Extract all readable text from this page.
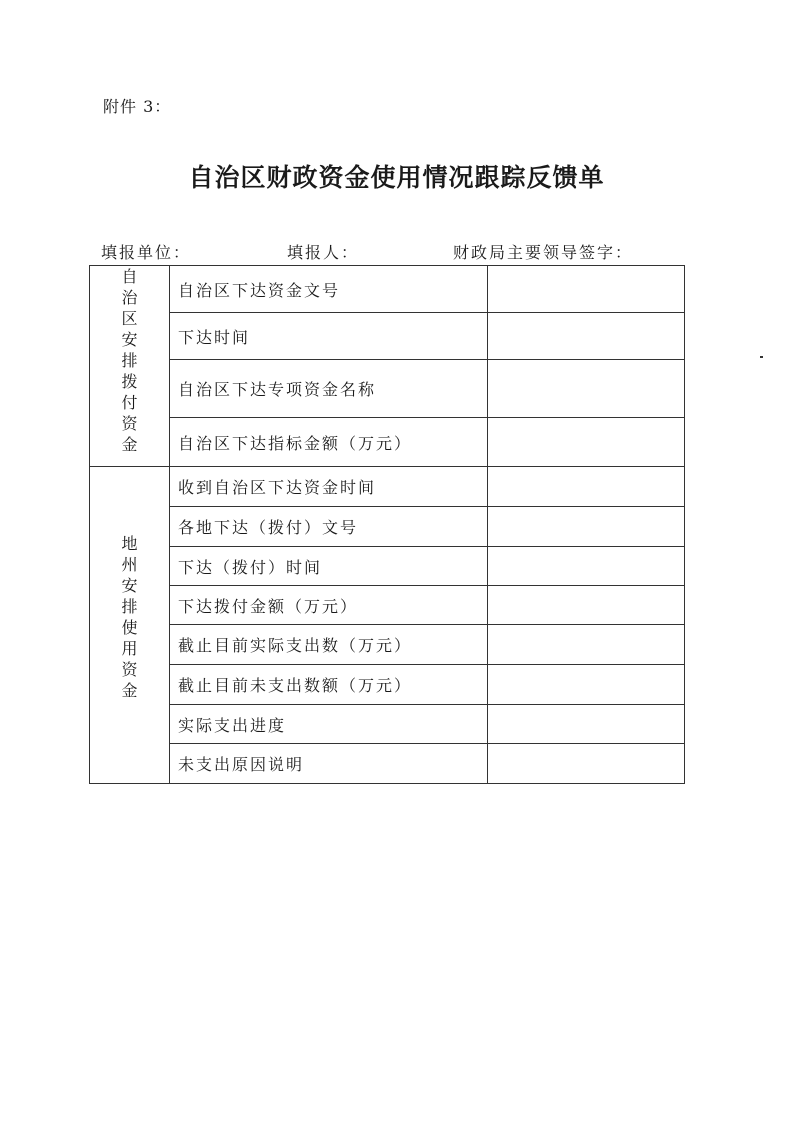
附件 3：
自治区财政资金使用情况跟踪反馈单
填报单位：	填报人：	财政局主要领导签字：
自治区安排拨付资金	自治区下达资金文号	
	下达时间	
	自治区下达专项资金名称	
	自治区下达指标金额（万元）	
地州安排使用资金	收到自治区下达资金时间	
	各地下达（拨付）文号	
	下达（拨付）时间	
	下达拨付金额（万元）	
	截止目前实际支出数（万元）	
	截止目前未支出数额（万元）	
	实际支出进度	
	未支出原因说明	
